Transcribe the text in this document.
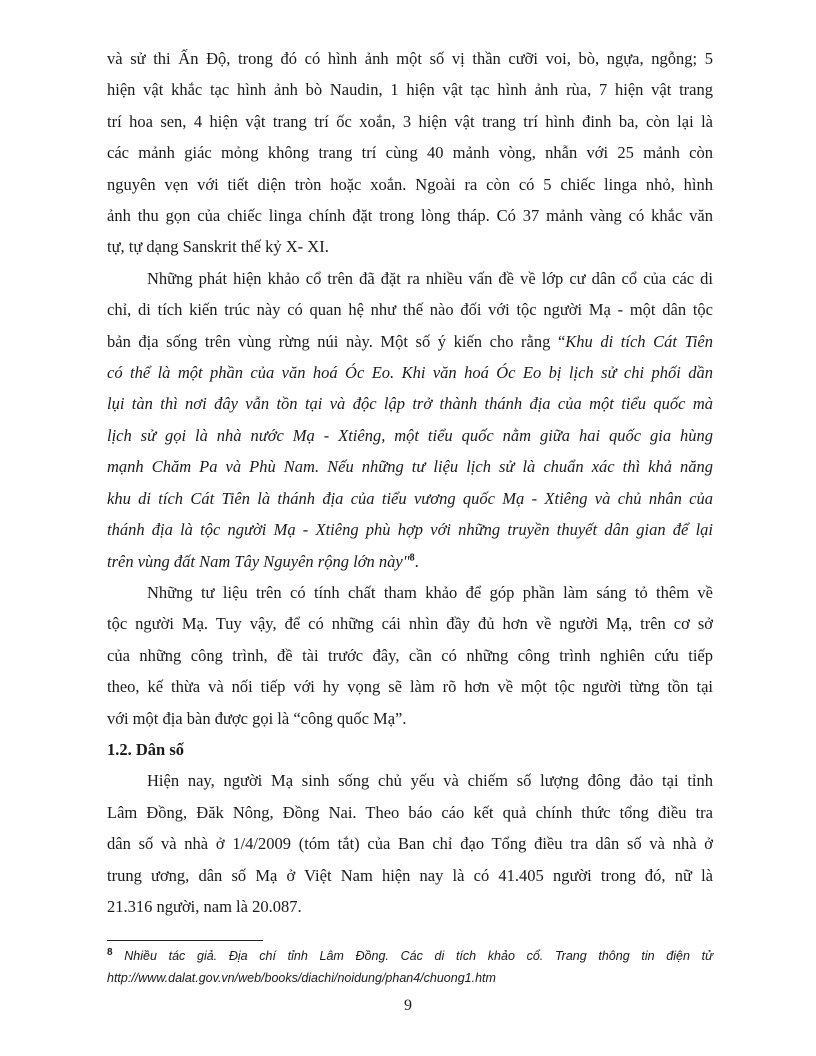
và sử thi Ấn Độ, trong đó có hình ảnh một số vị thần cưỡi voi, bò, ngựa, ngỗng; 5
hiện vật khắc tạc hình ảnh bò Naudin, 1 hiện vật tạc hình ảnh rùa, 7 hiện vật trang
trí hoa sen, 4 hiện vật trang trí ốc xoắn, 3 hiện vật trang trí hình đinh ba, còn lại là
các mảnh giác mỏng không trang trí cùng 40 mảnh vòng, nhẫn với 25 mảnh còn
nguyên vẹn với tiết diện tròn hoặc xoắn. Ngoài ra còn có 5 chiếc linga nhỏ, hình
ảnh thu gọn của chiếc linga chính đặt trong lòng tháp. Có 37 mảnh vàng có khắc văn
tự, tự dạng Sanskrit thế kỷ X- XI.
Những phát hiện khảo cổ trên đã đặt ra nhiều vấn đề về lớp cư dân cổ của các di
chỉ, di tích kiến trúc này có quan hệ như thế nào đối với tộc người Mạ - một dân tộc
bản địa sống trên vùng rừng núi này. Một số ý kiến cho rằng “Khu di tích Cát Tiên
có thể là một phần của văn hoá Óc Eo. Khi văn hoá Óc Eo bị lịch sử chi phối dần
lụi tàn thì nơi đây vẫn tồn tại và độc lập trở thành thánh địa của một tiểu quốc mà
lịch sử gọi là nhà nước Mạ - Xtiêng, một tiểu quốc nằm giữa hai quốc gia hùng
mạnh Chăm Pa và Phù Nam. Nếu những tư liệu lịch sử là chuẩn xác thì khả năng
khu di tích Cát Tiên là thánh địa của tiểu vương quốc Mạ - Xtiêng và chủ nhân của
thánh địa là tộc người Mạ - Xtiêng phù hợp với những truyền thuyết dân gian để lại
trên vùng đất Nam Tây Nguyên rộng lớn này"$^8$.
Những tư liệu trên có tính chất tham khảo để góp phần làm sáng tỏ thêm về
tộc người Mạ. Tuy vậy, để có những cái nhìn đầy đủ hơn về người Mạ, trên cơ sở
của những công trình, đề tài trước đây, cần có những công trình nghiên cứu tiếp
theo, kế thừa và nối tiếp với hy vọng sẽ làm rõ hơn về một tộc người từng tồn tại
với một địa bàn được gọi là “công quốc Mạ”.
1.2. Dân số
Hiện nay, người Mạ sinh sống chủ yếu và chiếm số lượng đông đảo tại tỉnh
Lâm Đồng, Đăk Nông, Đồng Nai. Theo báo cáo kết quả chính thức tổng điều tra
dân số và nhà ở 1/4/2009 (tóm tắt) của Ban chỉ đạo Tổng điều tra dân số và nhà ở
trung ương, dân số Mạ ở Việt Nam hiện nay là có 41.405 người trong đó, nữ là
21.316 người, nam là 20.087.
$^8$ Nhiều tác giả. Địa chí tỉnh Lâm Đồng. Các di tích khảo cổ. Trang thông tin điện tử
http://www.dalat.gov.vn/web/books/diachi/noidung/phan4/chuong1.htm
9
